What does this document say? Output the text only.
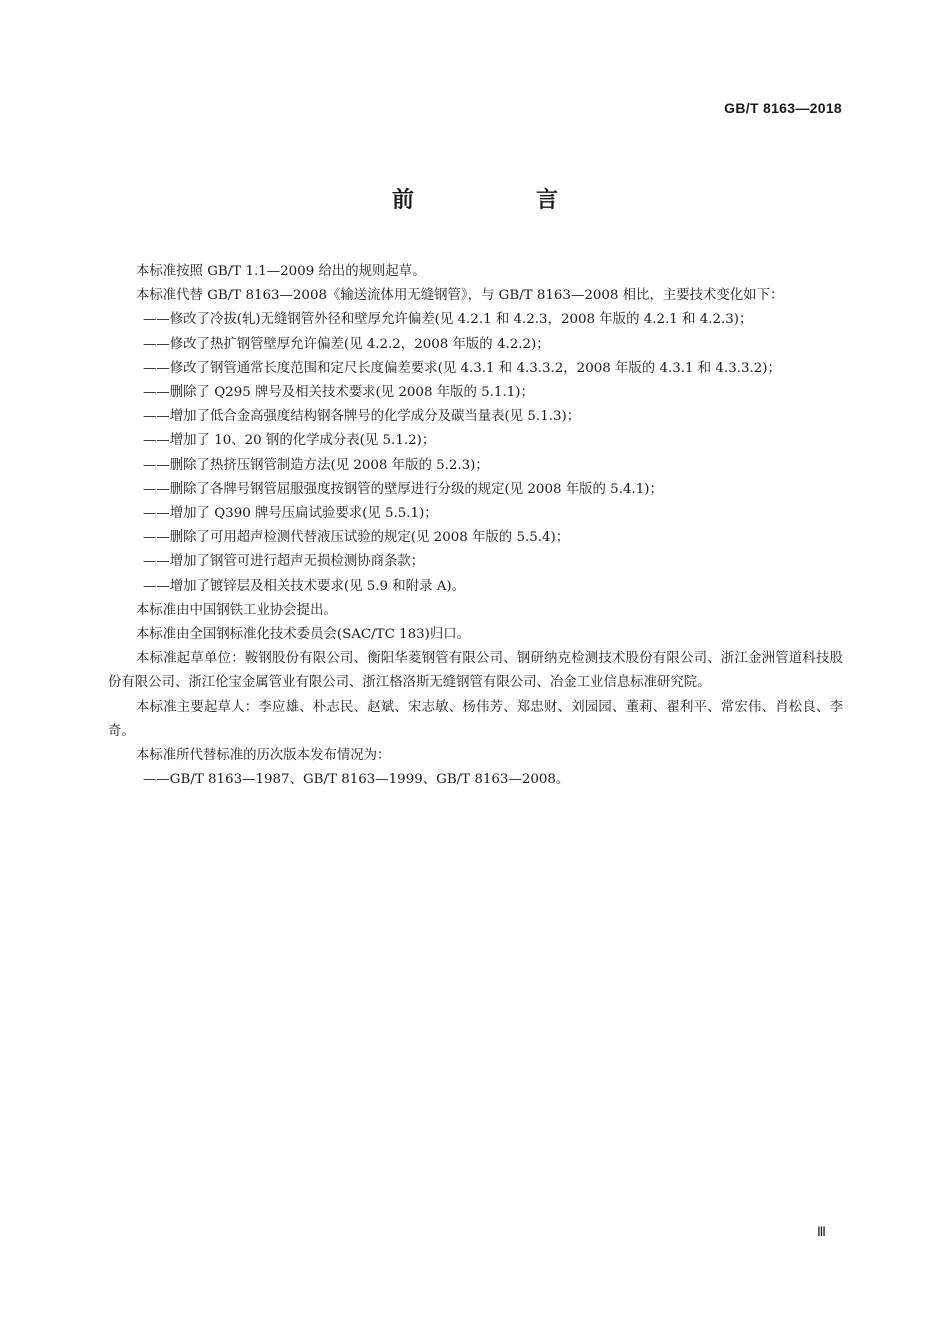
GB/T 8163—2018
前　言

本标准按照 GB/T 1.1—2009 给出的规则起草。

本标准代替 GB/T 8163—2008《输送流体用无缝钢管》，与 GB/T 8163—2008 相比，主要技术变化如下：

——修改了冷拔(轧)无缝钢管外径和壁厚允许偏差(见 4.2.1 和 4.2.3，2008 年版的 4.2.1 和 4.2.3)；

——修改了热扩钢管壁厚允许偏差(见 4.2.2，2008 年版的 4.2.2)；

——修改了钢管通常长度范围和定尺长度偏差要求(见 4.3.1 和 4.3.3.2，2008 年版的 4.3.1 和 4.3.3.2)；

——删除了 Q295 牌号及相关技术要求(见 2008 年版的 5.1.1)；

——增加了低合金高强度结构钢各牌号的化学成分及碳当量表(见 5.1.3)；

——增加了 10、20 钢的化学成分表(见 5.1.2)；

——删除了热挤压钢管制造方法(见 2008 年版的 5.2.3)；

——删除了各牌号钢管屈服强度按钢管的壁厚进行分级的规定(见 2008 年版的 5.4.1)；

——增加了 Q390 牌号压扁试验要求(见 5.5.1)；

——删除了可用超声检测代替液压试验的规定(见 2008 年版的 5.5.4)；

——增加了钢管可进行超声无损检测协商条款；

——增加了镀锌层及相关技术要求(见 5.9 和附录 A)。

本标准由中国钢铁工业协会提出。

本标准由全国钢标准化技术委员会(SAC/TC 183)归口。

本标准起草单位：鞍钢股份有限公司、衡阳华菱钢管有限公司、钢研纳克检测技术股份有限公司、浙江金洲管道科技股份有限公司、浙江伦宝金属管业有限公司、浙江格洛斯无缝钢管有限公司、冶金工业信息标准研究院。

本标准主要起草人：李应雄、朴志民、赵斌、宋志敏、杨伟芳、郑忠财、刘园园、董莉、翟利平、常宏伟、肖松良、李奇。

本标准所代替标准的历次版本发布情况为：

——GB/T 8163—1987、GB/T 8163—1999、GB/T 8163—2008。

Ⅲ
